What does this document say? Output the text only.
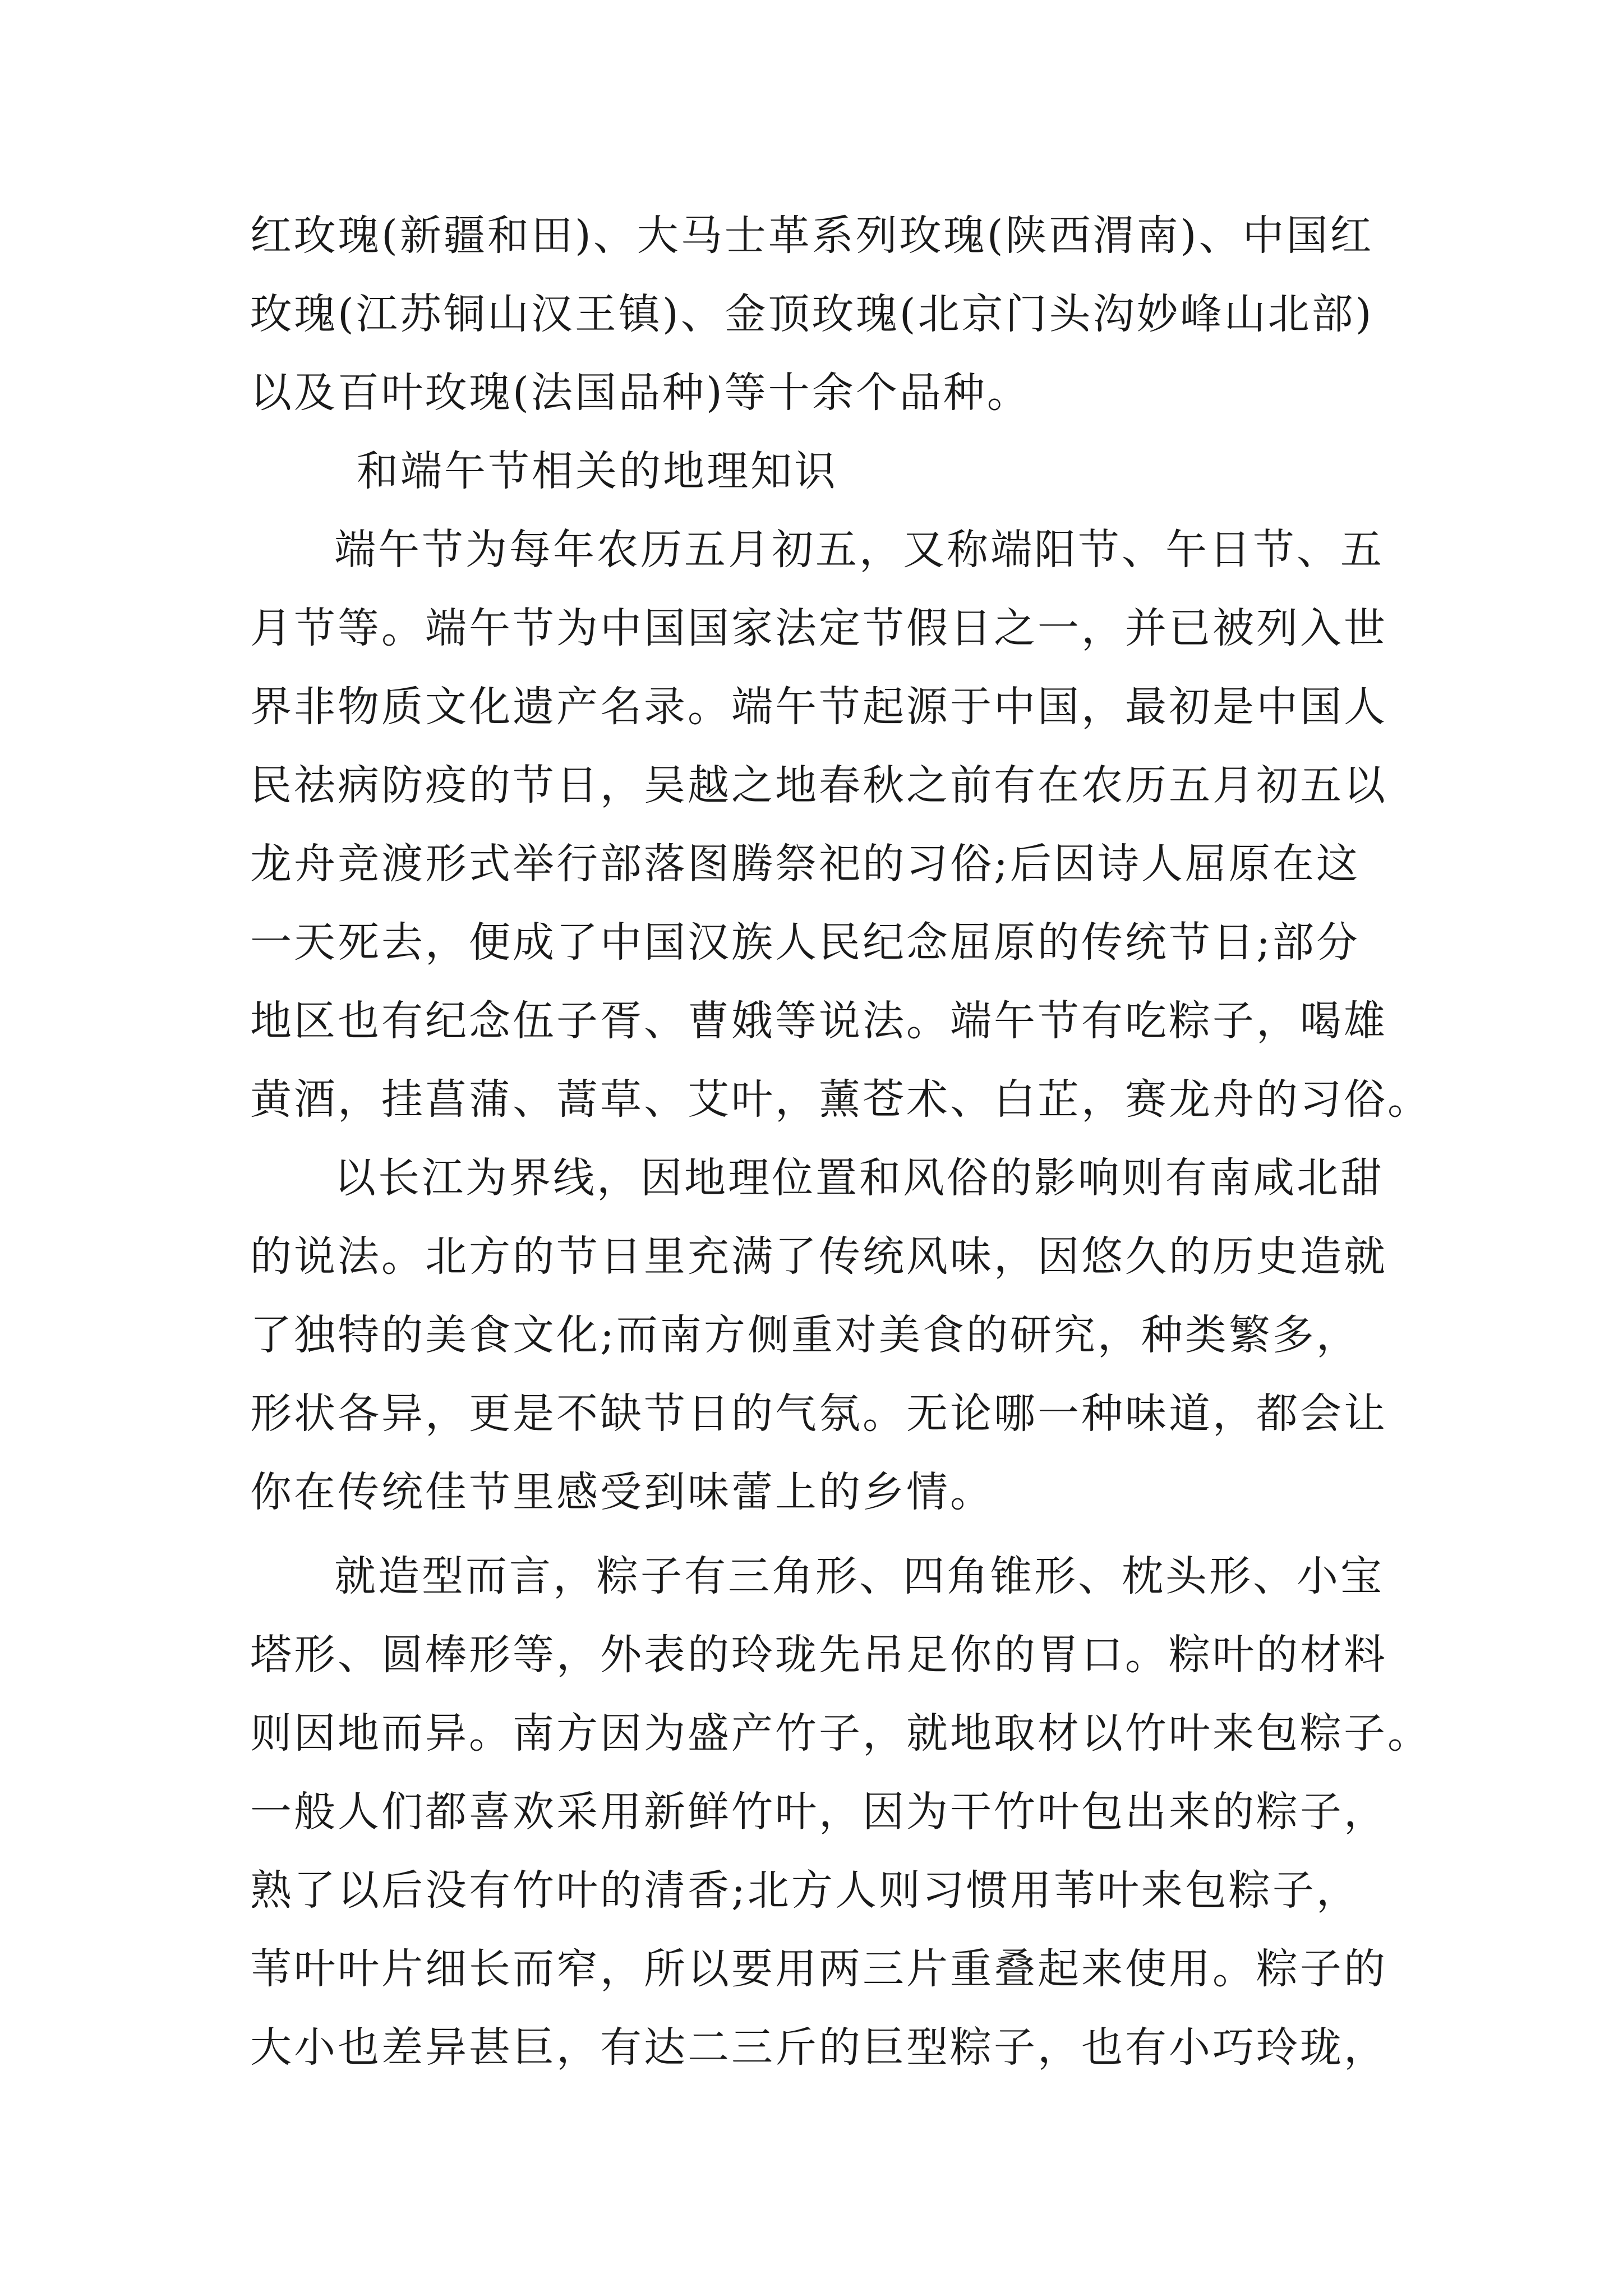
红玫瑰(新疆和田)、大马士革系列玫瑰(陕西渭南)、中国红
玫瑰(江苏铜山汉王镇)、金顶玫瑰(北京门头沟妙峰山北部)
以及百叶玫瑰(法国品种)等十余个品种。
和端午节相关的地理知识
端午节为每年农历五月初五，又称端阳节、午日节、五
月节等。端午节为中国国家法定节假日之一，并已被列入世
界非物质文化遗产名录。端午节起源于中国，最初是中国人
民祛病防疫的节日，吴越之地春秋之前有在农历五月初五以
龙舟竞渡形式举行部落图腾祭祀的习俗;后因诗人屈原在这
一天死去，便成了中国汉族人民纪念屈原的传统节日;部分
地区也有纪念伍子胥、曹娥等说法。端午节有吃粽子，喝雄
黄酒，挂菖蒲、蒿草、艾叶，薰苍术、白芷，赛龙舟的习俗。
以长江为界线，因地理位置和风俗的影响则有南咸北甜
的说法。北方的节日里充满了传统风味，因悠久的历史造就
了独特的美食文化;而南方侧重对美食的研究，种类繁多，
形状各异，更是不缺节日的气氛。无论哪一种味道，都会让
你在传统佳节里感受到味蕾上的乡情。
就造型而言，粽子有三角形、四角锥形、枕头形、小宝
塔形、圆棒形等，外表的玲珑先吊足你的胃口。粽叶的材料
则因地而异。南方因为盛产竹子，就地取材以竹叶来包粽子。
一般人们都喜欢采用新鲜竹叶，因为干竹叶包出来的粽子，
熟了以后没有竹叶的清香;北方人则习惯用苇叶来包粽子，
苇叶叶片细长而窄，所以要用两三片重叠起来使用。粽子的
大小也差异甚巨，有达二三斤的巨型粽子，也有小巧玲珑，
